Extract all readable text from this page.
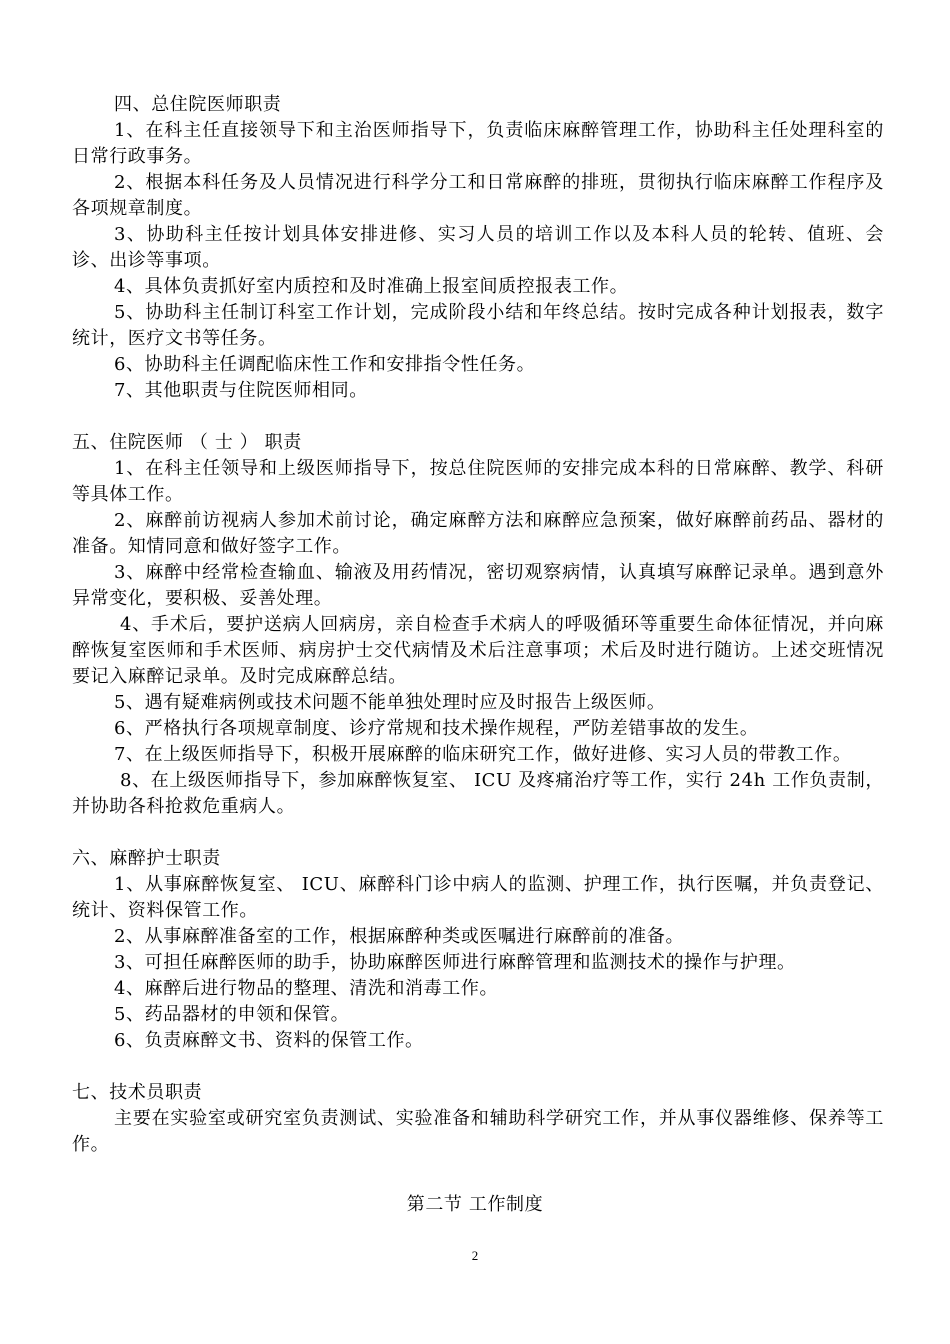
四、总住院医师职责

1、在科主任直接领导下和主治医师指导下，负责临床麻醉管理工作，协助科主任处理科室的日常行政事务。

2、根据本科任务及人员情况进行科学分工和日常麻醉的排班，贯彻执行临床麻醉工作程序及各项规章制度。

3、协助科主任按计划具体安排进修、实习人员的培训工作以及本科人员的轮转、值班、会诊、出诊等事项。

4、具体负责抓好室内质控和及时准确上报室间质控报表工作。

5、协助科主任制订科室工作计划，完成阶段小结和年终总结。按时完成各种计划报表，数字统计，医疗文书等任务。

6、协助科主任调配临床性工作和安排指令性任务。

7、其他职责与住院医师相同。

五、住院医师 （ 士 ） 职责

1、在科主任领导和上级医师指导下，按总住院医师的安排完成本科的日常麻醉、教学、科研等具体工作。

2、麻醉前访视病人参加术前讨论，确定麻醉方法和麻醉应急预案，做好麻醉前药品、器材的准备。知情同意和做好签字工作。

3、麻醉中经常检查输血、输液及用药情况，密切观察病情，认真填写麻醉记录单。遇到意外异常变化，要积极、妥善处理。

4、手术后，要护送病人回病房，亲自检查手术病人的呼吸循环等重要生命体征情况，并向麻醉恢复室医师和手术医师、病房护士交代病情及术后注意事项；术后及时进行随访。上述交班情况要记入麻醉记录单。及时完成麻醉总结。

5、遇有疑难病例或技术问题不能单独处理时应及时报告上级医师。

6、严格执行各项规章制度、诊疗常规和技术操作规程，严防差错事故的发生。

7、在上级医师指导下，积极开展麻醉的临床研究工作，做好进修、实习人员的带教工作。

8、在上级医师指导下，参加麻醉恢复室、 ICU 及疼痛治疗等工作，实行 24h 工作负责制，并协助各科抢救危重病人。

六、麻醉护士职责

1、从事麻醉恢复室、 ICU、麻醉科门诊中病人的监测、护理工作，执行医嘱，并负责登记、统计、资料保管工作。

2、从事麻醉准备室的工作，根据麻醉种类或医嘱进行麻醉前的准备。

3、可担任麻醉医师的助手，协助麻醉医师进行麻醉管理和监测技术的操作与护理。

4、麻醉后进行物品的整理、清洗和消毒工作。

5、药品器材的申领和保管。

6、负责麻醉文书、资料的保管工作。

七、技术员职责

主要在实验室或研究室负责测试、实验准备和辅助科学研究工作，并从事仪器维修、保养等工作。

第二节 工作制度
2
